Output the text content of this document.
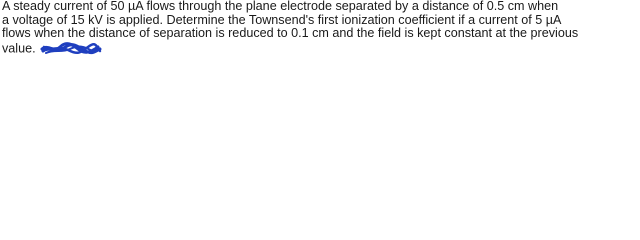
A steady current of 50 µA flows through the plane electrode separated by a distance of 0.5 cm when
a voltage of 15 kV is applied. Determine the Townsend's first ionization coefficient if a current of 5 µA
flows when the distance of separation is reduced to 0.1 cm and the field is kept constant at the previous
value.
